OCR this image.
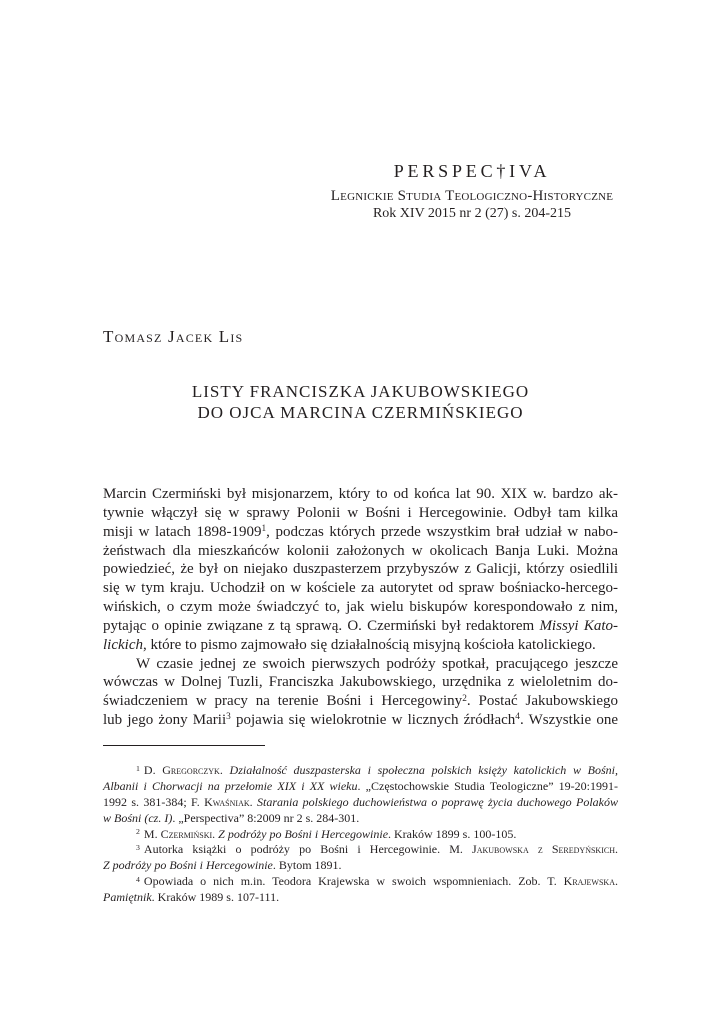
PERSPEC†IVA
Legnickie Studia Teologiczno-Historyczne
Rok XIV 2015 nr 2 (27) s. 204-215
Tomasz Jacek Lis
LISTY FRANCISZKA JAKUBOWSKIEGO
DO OJCA MARCINA CZERMIŃSKIEGO
Marcin Czermiński był misjonarzem, który to od końca lat 90. XIX w. bardzo ak-
tywnie włączył się w sprawy Polonii w Bośni i Hercegowinie. Odbył tam kilka
misji w latach 1898-1909$^1$, podczas których przede wszystkim brał udział w nabo-
żeństwach dla mieszkańców kolonii założonych w okolicach Banja Luki. Można
powiedzieć, że był on niejako duszpasterzem przybyszów z Galicji, którzy osiedlili
się w tym kraju. Uchodził on w kościele za autorytet od spraw bośniacko-hercego-
wińskich, o czym może świadczyć to, jak wielu biskupów korespondowało z nim,
pytając o opinie związane z tą sprawą. O. Czermiński był redaktorem Missyi Kato-
lickich, które to pismo zajmowało się działalnością misyjną kościoła katolickiego.
W czasie jednej ze swoich pierwszych podróży spotkał, pracującego jeszcze
wówczas w Dolnej Tuzli, Franciszka Jakubowskiego, urzędnika z wieloletnim do-
świadczeniem w pracy na terenie Bośni i Hercegowiny$^2$. Postać Jakubowskiego
lub jego żony Marii$^3$ pojawia się wielokrotnie w licznych źródłach$^4$. Wszystkie one
$^1$ D. Gregorczyk. Działalność duszpasterska i społeczna polskich księży katolickich w Bośni,
Albanii i Chorwacji na przełomie XIX i XX wieku. „Częstochowskie Studia Teologiczne” 19-20:1991-
1992 s. 381-384; F. Kwaśniak. Starania polskiego duchowieństwa o poprawę życia duchowego Polaków
w Bośni (cz. I). „Perspectiva” 8:2009 nr 2 s. 284-301.
$^2$ M. Czermiński. Z podróży po Bośni i Hercegowinie. Kraków 1899 s. 100-105.
$^3$ Autorka książki o podróży po Bośni i Hercegowinie. M. Jakubowska z Seredyńskich.
Z podróży po Bośni i Hercegowinie. Bytom 1891.
$^4$ Opowiada o nich m.in. Teodora Krajewska w swoich wspomnieniach. Zob. T. Krajewska.
Pamiętnik. Kraków 1989 s. 107-111.
